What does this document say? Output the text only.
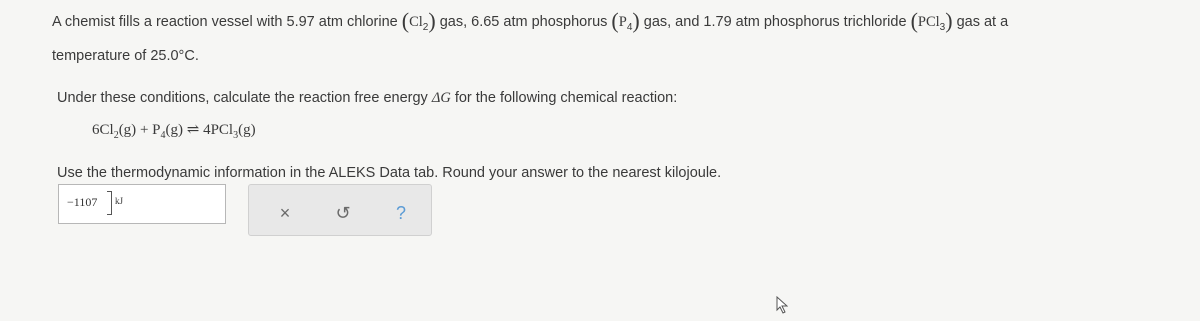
A chemist fills a reaction vessel with 5.97 atm chlorine $(Cl_2)$ gas, 6.65 atm phosphorus $(P_4)$ gas, and 1.79 atm phosphorus trichloride (PCl$_3$) gas at a
temperature of 25.0°C.
Under these conditions, calculate the reaction free energy ΔG for the following chemical reaction:
$6Cl_2(g) + P_4(g)$ ⇌ 4PCl$_3$(g)
Use the thermodynamic information in the ALEKS Data tab. Round your answer to the nearest kilojoule.
−1107 kJ
×	↺	?
